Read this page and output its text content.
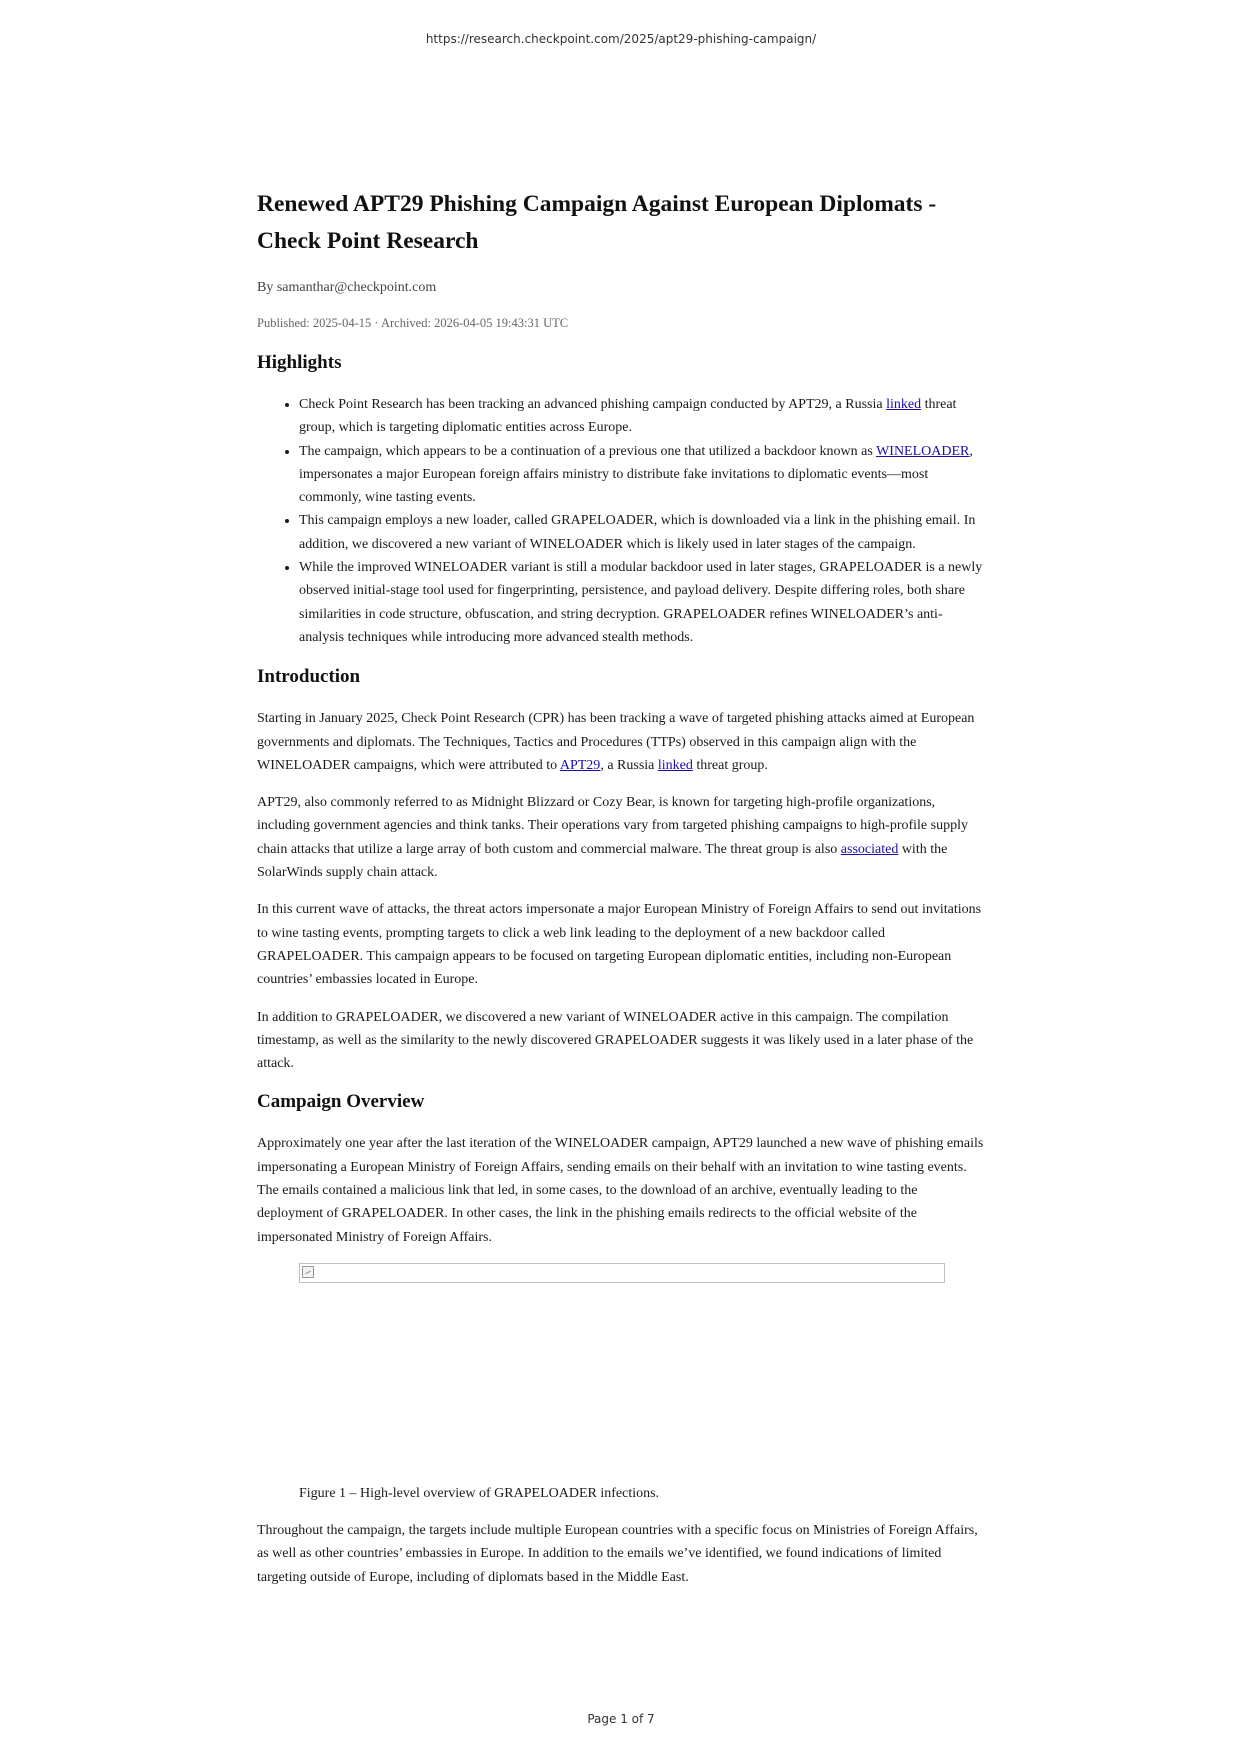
https://research.checkpoint.com/2025/apt29-phishing-campaign/
Renewed APT29 Phishing Campaign Against European Diplomats - Check Point Research
By samanthar@checkpoint.com
Published: 2025-04-15 · Archived: 2026-04-05 19:43:31 UTC
Highlights
• Check Point Research has been tracking an advanced phishing campaign conducted by APT29, a Russia linked threat group, which is targeting diplomatic entities across Europe.
• The campaign, which appears to be a continuation of a previous one that utilized a backdoor known as WINELOADER, impersonates a major European foreign affairs ministry to distribute fake invitations to diplomatic events—most commonly, wine tasting events.
• This campaign employs a new loader, called GRAPELOADER, which is downloaded via a link in the phishing email. In addition, we discovered a new variant of WINELOADER which is likely used in later stages of the campaign.
• While the improved WINELOADER variant is still a modular backdoor used in later stages, GRAPELOADER is a newly observed initial-stage tool used for fingerprinting, persistence, and payload delivery. Despite differing roles, both share similarities in code structure, obfuscation, and string decryption. GRAPELOADER refines WINELOADER’s anti-analysis techniques while introducing more advanced stealth methods.
Introduction

Starting in January 2025, Check Point Research (CPR) has been tracking a wave of targeted phishing attacks aimed at European governments and diplomats. The Techniques, Tactics and Procedures (TTPs) observed in this campaign align with the WINELOADER campaigns, which were attributed to APT29, a Russia linked threat group.

APT29, also commonly referred to as Midnight Blizzard or Cozy Bear, is known for targeting high-profile organizations, including government agencies and think tanks. Their operations vary from targeted phishing campaigns to high-profile supply chain attacks that utilize a large array of both custom and commercial malware. The threat group is also associated with the SolarWinds supply chain attack.

In this current wave of attacks, the threat actors impersonate a major European Ministry of Foreign Affairs to send out invitations to wine tasting events, prompting targets to click a web link leading to the deployment of a new backdoor called GRAPELOADER. This campaign appears to be focused on targeting European diplomatic entities, including non-European countries’ embassies located in Europe.

In addition to GRAPELOADER, we discovered a new variant of WINELOADER active in this campaign. The compilation timestamp, as well as the similarity to the newly discovered GRAPELOADER suggests it was likely used in a later phase of the attack.

Campaign Overview

Approximately one year after the last iteration of the WINELOADER campaign, APT29 launched a new wave of phishing emails impersonating a European Ministry of Foreign Affairs, sending emails on their behalf with an invitation to wine tasting events. The emails contained a malicious link that led, in some cases, to the download of an archive, eventually leading to the deployment of GRAPELOADER. In other cases, the link in the phishing emails redirects to the official website of the impersonated Ministry of Foreign Affairs.

Figure 1 – High-level overview of GRAPELOADER infections.

Throughout the campaign, the targets include multiple European countries with a specific focus on Ministries of Foreign Affairs, as well as other countries’ embassies in Europe. In addition to the emails we’ve identified, we found indications of limited targeting outside of Europe, including of diplomats based in the Middle East.

Page 1 of 7
